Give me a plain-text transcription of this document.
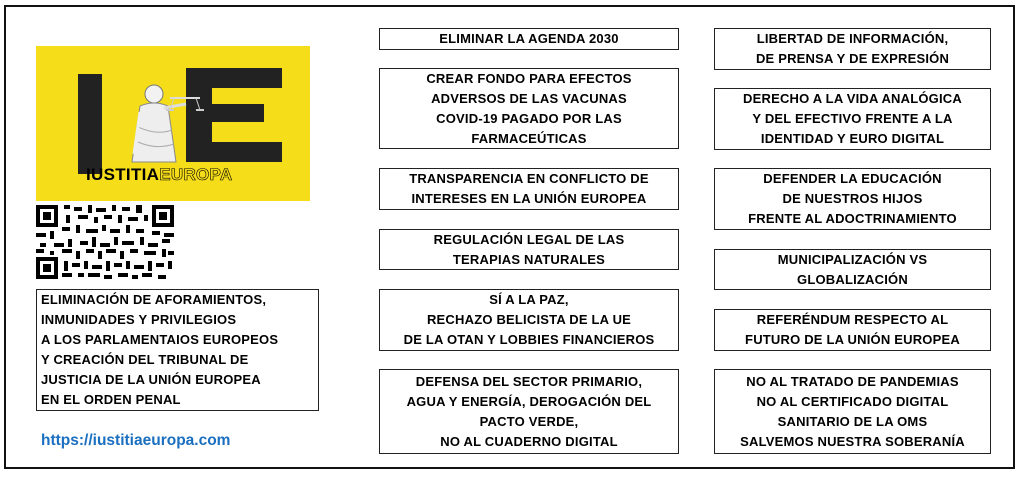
IUSTITIAEUROPA
ELIMINACIÓN DE AFORAMIENTOS,
INMUNIDADES Y PRIVILEGIOS
A LOS PARLAMENTAIOS EUROPEOS
Y CREACIÓN DEL TRIBUNAL DE
JUSTICIA DE LA UNIÓN EUROPEA
EN EL ORDEN PENAL
https://iustitiaeuropa.com
ELIMINAR LA AGENDA 2030
CREAR FONDO PARA EFECTOS
ADVERSOS DE LAS VACUNAS
COVID-19 PAGADO POR LAS
FARMACEÚTICAS
TRANSPARENCIA EN CONFLICTO DE
INTERESES EN LA UNIÓN EUROPEA
REGULACIÓN LEGAL DE LAS
TERAPIAS NATURALES
SÍ A LA PAZ,
RECHAZO BELICISTA DE LA UE
DE LA OTAN Y LOBBIES FINANCIEROS
DEFENSA DEL SECTOR PRIMARIO,
AGUA Y ENERGÍA, DEROGACIÓN DEL
PACTO VERDE,
NO AL CUADERNO DIGITAL
LIBERTAD DE INFORMACIÓN,
DE PRENSA Y DE EXPRESIÓN
DERECHO A LA VIDA ANALÓGICA
Y DEL EFECTIVO FRENTE A LA
IDENTIDAD Y EURO DIGITAL
DEFENDER LA EDUCACIÓN
DE NUESTROS HIJOS
FRENTE AL ADOCTRINAMIENTO
MUNICIPALIZACIÓN VS
GLOBALIZACIÓN
REFERÉNDUM RESPECTO AL
FUTURO DE LA UNIÓN EUROPEA
NO AL TRATADO DE PANDEMIAS
NO AL CERTIFICADO DIGITAL
SANITARIO DE LA OMS
SALVEMOS NUESTRA SOBERANÍA
